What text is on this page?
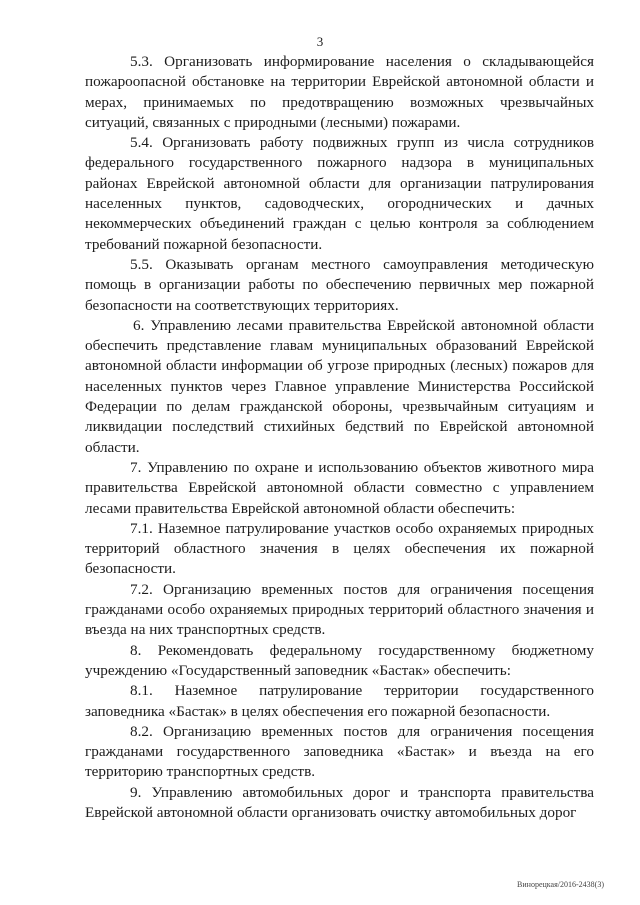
3

5.3. Организовать информирование населения о складывающейся пожароопасной обстановке на территории Еврейской автономной области и мерах, принимаемых по предотвращению возможных чрезвычайных ситуаций, связанных с природными (лесными) пожарами.

5.4. Организовать работу подвижных групп из числа сотрудников федерального государственного пожарного надзора в муниципальных районах Еврейской автономной области для организации патрулирования населенных пунктов, садоводческих, огороднических и дачных некоммерческих объединений граждан с целью контроля за соблюдением требований пожарной безопасности.

5.5. Оказывать органам местного самоуправления методическую помощь в организации работы по обеспечению первичных мер пожарной безопасности на соответствующих территориях.

6. Управлению лесами правительства Еврейской автономной области обеспечить представление главам муниципальных образований Еврейской автономной области информации об угрозе природных (лесных) пожаров для населенных пунктов через Главное управление Министерства Российской Федерации по делам гражданской обороны, чрезвычайным ситуациям и ликвидации последствий стихийных бедствий по Еврейской автономной области.

7. Управлению по охране и использованию объектов животного мира правительства Еврейской автономной области совместно с управлением лесами правительства Еврейской автономной области обеспечить:

7.1. Наземное патрулирование участков особо охраняемых природных территорий областного значения в целях обеспечения их пожарной безопасности.

7.2. Организацию временных постов для ограничения посещения гражданами особо охраняемых природных территорий областного значения и въезда на них транспортных средств.

8. Рекомендовать федеральному государственному бюджетному учреждению «Государственный заповедник «Бастак» обеспечить:

8.1. Наземное патрулирование территории государственного заповедника «Бастак» в целях обеспечения его пожарной безопасности.

8.2. Организацию временных постов для ограничения посещения гражданами государственного заповедника «Бастак» и въезда на его территорию транспортных средств.

9. Управлению автомобильных дорог и транспорта правительства Еврейской автономной области организовать очистку автомобильных дорог

Винорецкая/2016-2438(3)
